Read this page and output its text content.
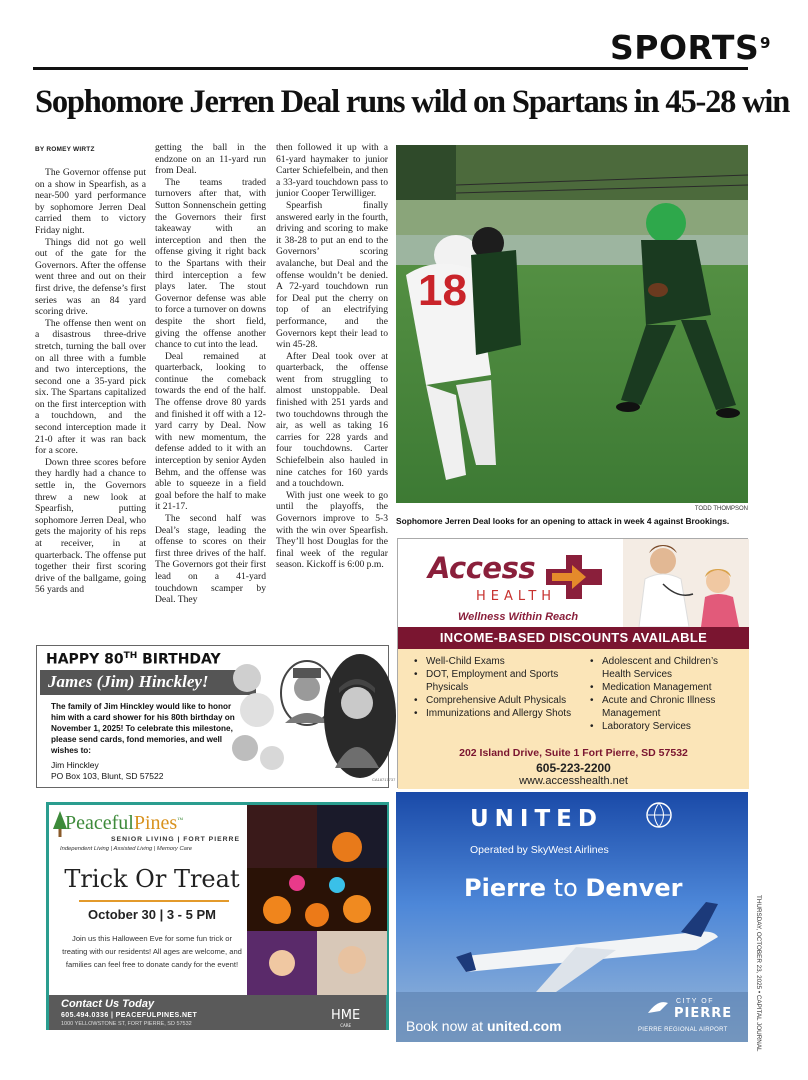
SPORTS 9
Sophomore Jerren Deal runs wild on Spartans in 45-28 win
BY ROMEY WIRTZ

The Governor offense put on a show in Spearfish, as a near-500 yard performance by sophomore Jerren Deal carried them to victory Friday night.

Things did not go well out of the gate for the Governors. After the offense went three and out on their first drive, the defense’s first series was an 84 yard scoring drive.

The offense then went on a disastrous three-drive stretch, turning the ball over on all three with a fumble and two interceptions, the second one a 35-yard pick six. The Spartans capitalized on the first interception with a touchdown, and the second interception made it 21-0 after it was ran back for a score.

Down three scores before they hardly had a chance to settle in, the Governors threw a new look at Spearfish, putting sophomore Jerren Deal, who gets the majority of his reps at receiver, in at quarterback. The offense put together their first scoring drive of the ballgame, going 56 yards and

getting the ball in the endzone on an 11-yard run from Deal.

The teams traded turnovers after that, with Sutton Sonnenschein getting the Governors their first takeaway with an interception and then the offense giving it right back to the Spartans with their third interception a few plays later. The stout Governor defense was able to force a turnover on downs despite the short field, giving the offense another chance to cut into the lead.

Deal remained at quarterback, looking to continue the comeback towards the end of the half. The offense drove 80 yards and finished it off with a 12-yard carry by Deal. Now with new momentum, the defense added to it with an interception by senior Ayden Behm, and the offense was able to squeeze in a field goal before the half to make it 21-17.

The second half was Deal’s stage, leading the offense to scores on their first three drives of the half. The Governors got their first lead on a 41-yard touchdown scamper by Deal. They

then followed it up with a 61-yard haymaker to junior Carter Schiefelbein, and then a 33-yard touchdown pass to junior Cooper Terwilliger.

Spearfish finally answered early in the fourth, driving and scoring to make it 38-28 to put an end to the Governors’ scoring avalanche, but Deal and the offense wouldn’t be denied. A 72-yard touchdown run for Deal put the cherry on top of an electrifying performance, and the Governors kept their lead to win 45-28.

After Deal took over at quarterback, the offense went from struggling to almost unstoppable. Deal finished with 251 yards and two touchdowns through the air, as well as taking 16 carries for 228 yards and four touchdowns. Carter Schiefelbein also hauled in nine catches for 160 yards and a touchdown.

With just one week to go until the playoffs, the Governors improve to 5-3 with the win over Spearfish. They’ll host Douglas for the final week of the regular season. Kickoff is 6:00 p.m.

18
TODD THOMPSON
Sophomore Jerren Deal looks for an opening to attack in week 4 against Brookings.
Access
HEALTH
Wellness Within Reach
INCOME-BASED DISCOUNTS AVAILABLE
• Well-Child Exams
• DOT, Employment and Sports Physicals
• Comprehensive Adult Physicals
• Immunizations and Allergy Shots
• Adolescent and Children’s Health Services
• Medication Management
• Acute and Chronic Illness Management
• Laboratory Services
202 Island Drive, Suite 1 Fort Pierre, SD 57532
605-223-2200
www.accesshealth.net
HAPPY 80TH BIRTHDAY
James (Jim) Hinckley!
The family of Jim Hinckley would like to honor him with a card shower for his 80th birthday on November 1, 2025! To celebrate this milestone, please send cards, fond memories, and well wishes to:
Jim Hinckley
PO Box 103, Blunt, SD 57522	CA18717737
PeacefulPines™
SENIOR LIVING | FORT PIERRE
Independent Living | Assisted Living | Memory Care
Trick Or Treat
October 30 | 3 - 5 PM
Join us this Halloween Eve for some fun trick or treating with our residents! All ages are welcome, and families can feel free to donate candy for the event!
Contact Us Today
605.494.0336 | PEACEFULPINES.NET
1000 YELLOWSTONE ST, FORT PIERRE, SD 57532
HME
CARE
UNITED
Operated by SkyWest Airlines
Pierre to Denver
Book now at united.com
CITY OF
PIERRE
PIERRE REGIONAL AIRPORT	THURSDAY, OCTOBER 23, 2025 • CAPITAL JOURNAL
